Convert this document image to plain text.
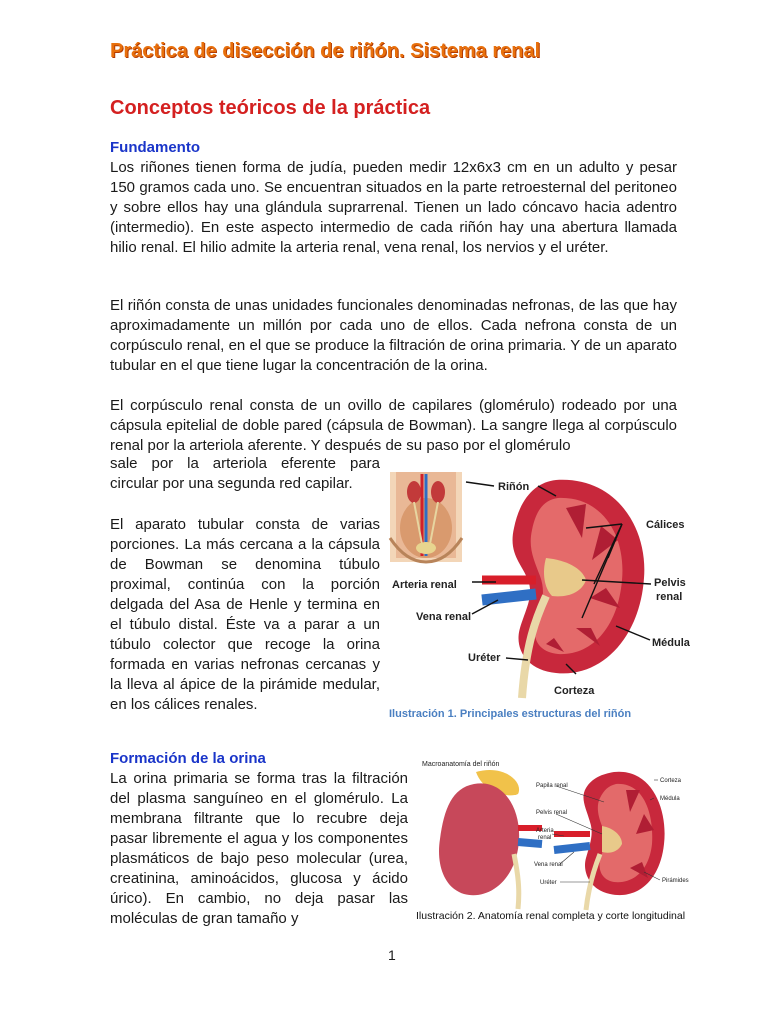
Práctica de disección de riñón. Sistema renal
Conceptos teóricos de la práctica
Fundamento
Los riñones tienen forma de judía, pueden medir 12x6x3 cm en un adulto y pesar 150 gramos cada uno. Se encuentran situados en la parte retroesternal del peritoneo y sobre ellos hay una glándula suprarrenal. Tienen un lado cóncavo hacia adentro (intermedio). En este aspecto intermedio de cada riñón hay una abertura llamada hilio renal. El hilio admite la arteria renal, vena renal, los nervios y el uréter.
El riñón consta de unas unidades funcionales denominadas nefronas, de las que hay aproximadamente un millón por cada uno de ellos. Cada nefrona consta de un corpúsculo renal, en el que se produce la filtración de orina primaria. Y de un aparato tubular en el que tiene lugar la concentración de la orina.
El corpúsculo renal consta de un ovillo de capilares (glomérulo) rodeado por una cápsula epitelial de doble pared (cápsula de Bowman). La sangre llega al corpúsculo renal por la arteriola aferente. Y después de su paso por el glomérulo
sale por la arteriola eferente para circular por una segunda red capilar.
El aparato tubular consta de varias porciones. La más cercana a la cápsula de Bowman se denomina túbulo proximal, continúa con la porción delgada del Asa de Henle y termina en el túbulo distal. Éste va a parar a un túbulo colector que recoge la orina formada en varias nefronas cercanas y la lleva al ápice de la pirámide medular, en los cálices renales.
Riñón
Cálices
Arteria renal	Pelvis
renal
Vena renal
Médula
Uréter
Corteza
Ilustración 1. Principales estructuras del riñón
Formación de la orina
La orina primaria se forma tras la filtración del plasma sanguíneo en el glomérulo. La membrana filtrante que lo recubre deja pasar libremente el agua y los componentes plasmáticos de bajo peso molecular (urea, creatinina, aminoácidos, glucosa y ácido úrico). En cambio, no deja pasar las moléculas de gran tamaño y
Macroanatomía del riñón
Papila renal
Pelvis renal
Arteria
renal
Vena renal
Uréter
Corteza
Médula
Pirámides
Ilustración 2. Anatomía renal completa y corte longitudinal
1
